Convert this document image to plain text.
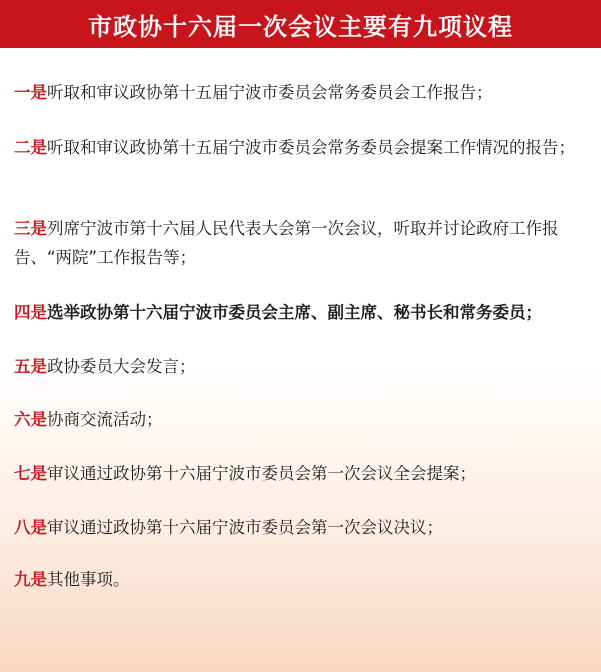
市政协十六届一次会议主要有九项议程
一是听取和审议政协第十五届宁波市委员会常务委员会工作报告；
二是听取和审议政协第十五届宁波市委员会常务委员会提案工作情况的报告；
三是列席宁波市第十六届人民代表大会第一次会议，听取并讨论政府工作报告、“两院”工作报告等；
四是选举政协第十六届宁波市委员会主席、副主席、秘书长和常务委员；
五是政协委员大会发言；
六是协商交流活动；
七是审议通过政协第十六届宁波市委员会第一次会议全会提案；
八是审议通过政协第十六届宁波市委员会第一次会议决议；
九是其他事项。
